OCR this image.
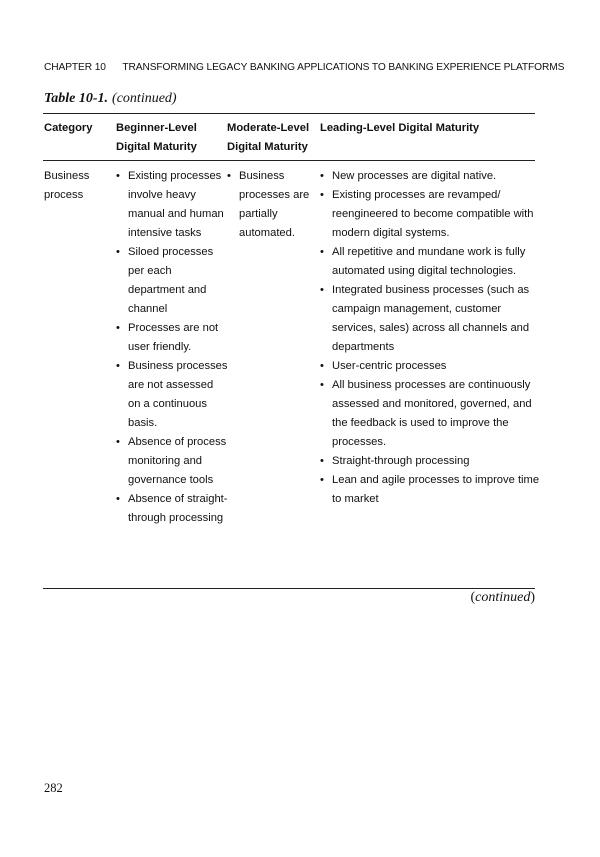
CHAPTER 10 TRANSFORMING LEGACY BANKING APPLICATIONS TO BANKING EXPERIENCE PLATFORMS
Table 10-1. (continued)
Category	Beginner-Level
Digital Maturity
Moderate-Level
Digital Maturity
Leading-Level Digital Maturity
Business
process
• Existing processes involve heavy manual and human intensive tasks
• Siloed processes per each department and channel
• Processes are not user friendly.
• Business processes are not assessed on a continuous basis.
• Absence of process monitoring and governance tools
• Absence of straight-through processing
• Business processes are partially automated.
• New processes are digital native.
• Existing processes are revamped/ reengineered to become compatible with modern digital systems.
• All repetitive and mundane work is fully automated using digital technologies.
• Integrated business processes (such as campaign management, customer services, sales) across all channels and departments
• User-centric processes
• All business processes are continuously assessed and monitored, governed, and the feedback is used to improve the processes.
• Straight-through processing
• Lean and agile processes to improve time to market
(continued)
282
